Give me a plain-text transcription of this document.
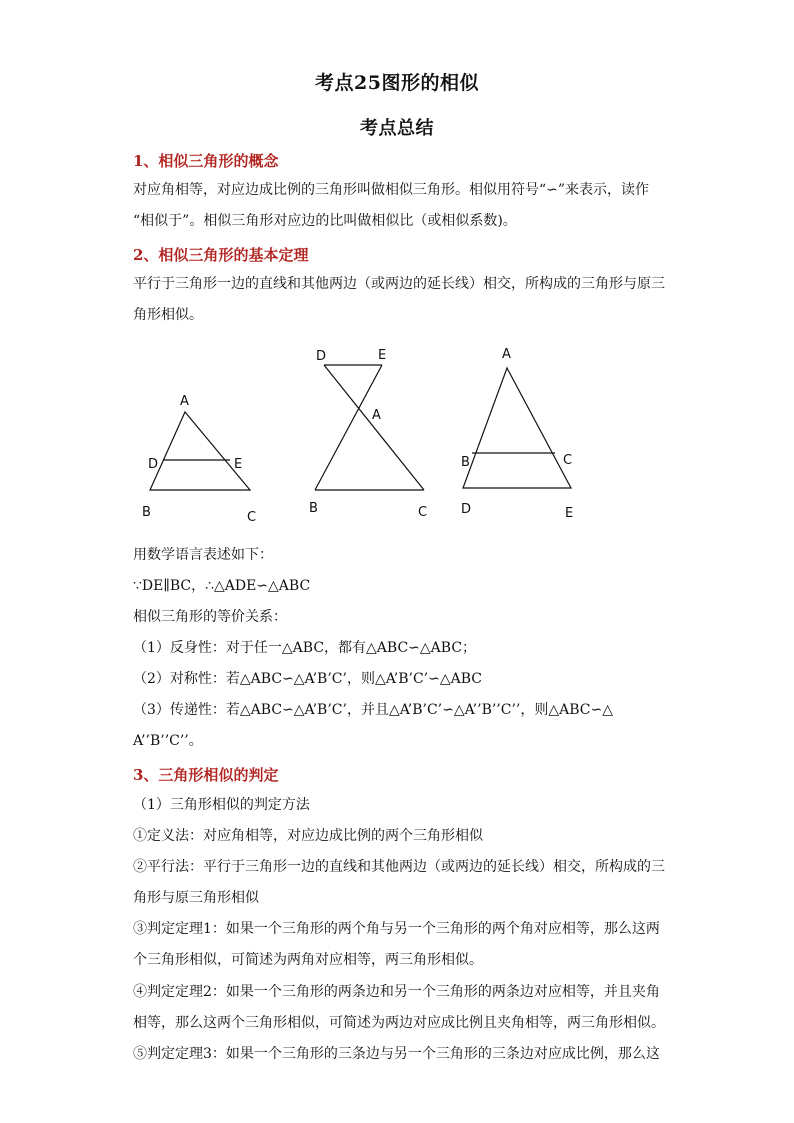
考点25图形的相似
考点总结
1、相似三角形的概念
对应角相等，对应边成比例的三角形叫做相似三角形。相似用符号“∽”来表示，读作
“相似于”。相似三角形对应边的比叫做相似比（或相似系数)。
2、相似三角形的基本定理
平行于三角形一边的直线和其他两边（或两边的延长线）相交，所构成的三角形与原三
角形相似。
A
D	E
B	C
D	E
A
B	C
A
B	C
D	E
用数学语言表述如下：
∵DE∥BC，∴△ADE∽△ABC
相似三角形的等价关系：
（1）反身性：对于任一△ABC，都有△ABC∽△ABC；
（2）对称性：若△ABC∽△A’B’C’，则△A’B’C’∽△ABC
（3）传递性：若△ABC∽△A’B’C’，并且△A’B’C’∽△A’’B’’C’’，则△ABC∽△
A’’B’’C’’。
3、三角形相似的判定
（1）三角形相似的判定方法
①定义法：对应角相等，对应边成比例的两个三角形相似
②平行法：平行于三角形一边的直线和其他两边（或两边的延长线）相交，所构成的三
角形与原三角形相似
③判定定理1：如果一个三角形的两个角与另一个三角形的两个角对应相等，那么这两
个三角形相似，可简述为两角对应相等，两三角形相似。
④判定定理2：如果一个三角形的两条边和另一个三角形的两条边对应相等，并且夹角
相等，那么这两个三角形相似，可简述为两边对应成比例且夹角相等，两三角形相似。
⑤判定定理3：如果一个三角形的三条边与另一个三角形的三条边对应成比例，那么这
